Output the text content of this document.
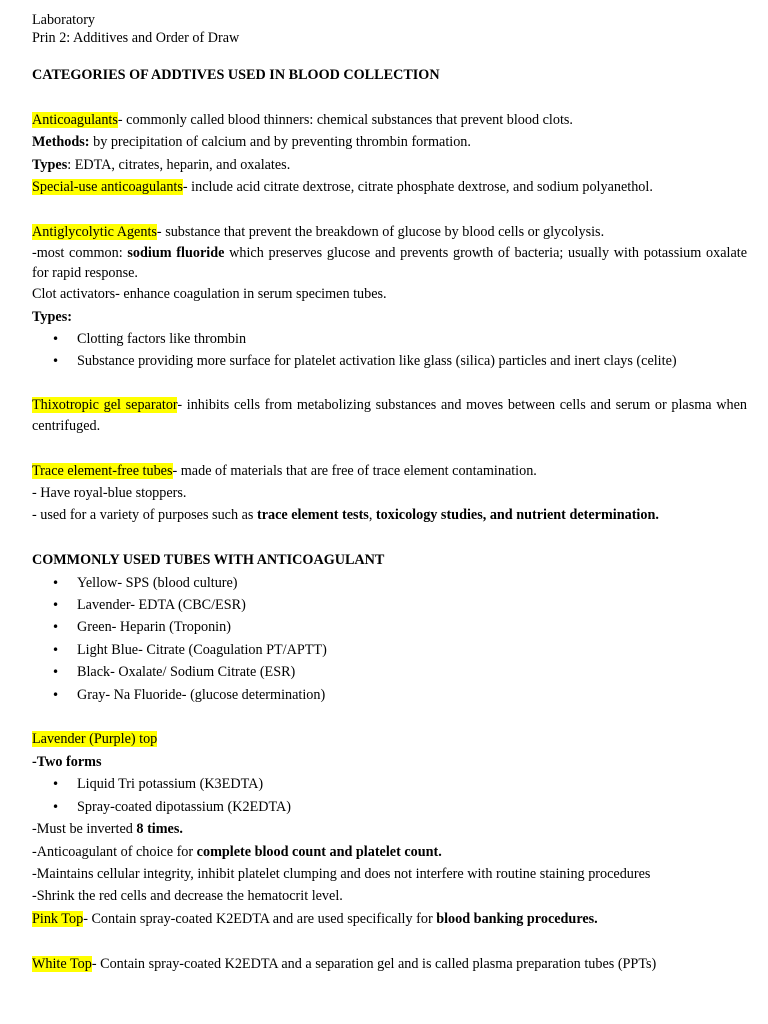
Laboratory

Prin 2: Additives and Order of Draw

CATEGORIES OF ADDTIVES USED IN BLOOD COLLECTION

Anticoagulants- commonly called blood thinners: chemical substances that prevent blood clots.

Methods: by precipitation of calcium and by preventing thrombin formation.

Types: EDTA, citrates, heparin, and oxalates.

Special-use anticoagulants- include acid citrate dextrose, citrate phosphate dextrose, and sodium polyanethol.

Antiglycolytic Agents- substance that prevent the breakdown of glucose by blood cells or glycolysis.

-most common: sodium fluoride which preserves glucose and prevents growth of bacteria; usually with potassium oxalate for rapid response.

Clot activators- enhance coagulation in serum specimen tubes.

Types:

• Clotting factors like thrombin
• Substance providing more surface for platelet activation like glass (silica) particles and inert clays (celite)

Thixotropic gel separator- inhibits cells from metabolizing substances and moves between cells and serum or plasma when centrifuged.

Trace element-free tubes- made of materials that are free of trace element contamination.

- Have royal-blue stoppers.

- used for a variety of purposes such as trace element tests, toxicology studies, and nutrient determination.

COMMONLY USED TUBES WITH ANTICOAGULANT

• Yellow- SPS (blood culture)
• Lavender- EDTA (CBC/ESR)
• Green- Heparin (Troponin)
• Light Blue- Citrate (Coagulation PT/APTT)
• Black- Oxalate/ Sodium Citrate (ESR)
• Gray- Na Fluoride- (glucose determination)

Lavender (Purple) top

-Two forms

• Liquid Tri potassium (K3EDTA)
• Spray-coated dipotassium (K2EDTA)

-Must be inverted 8 times.

-Anticoagulant of choice for complete blood count and platelet count.

-Maintains cellular integrity, inhibit platelet clumping and does not interfere with routine staining procedures

-Shrink the red cells and decrease the hematocrit level.

Pink Top- Contain spray-coated K2EDTA and are used specifically for blood banking procedures.

White Top- Contain spray-coated K2EDTA and a separation gel and is called plasma preparation tubes (PPTs)
